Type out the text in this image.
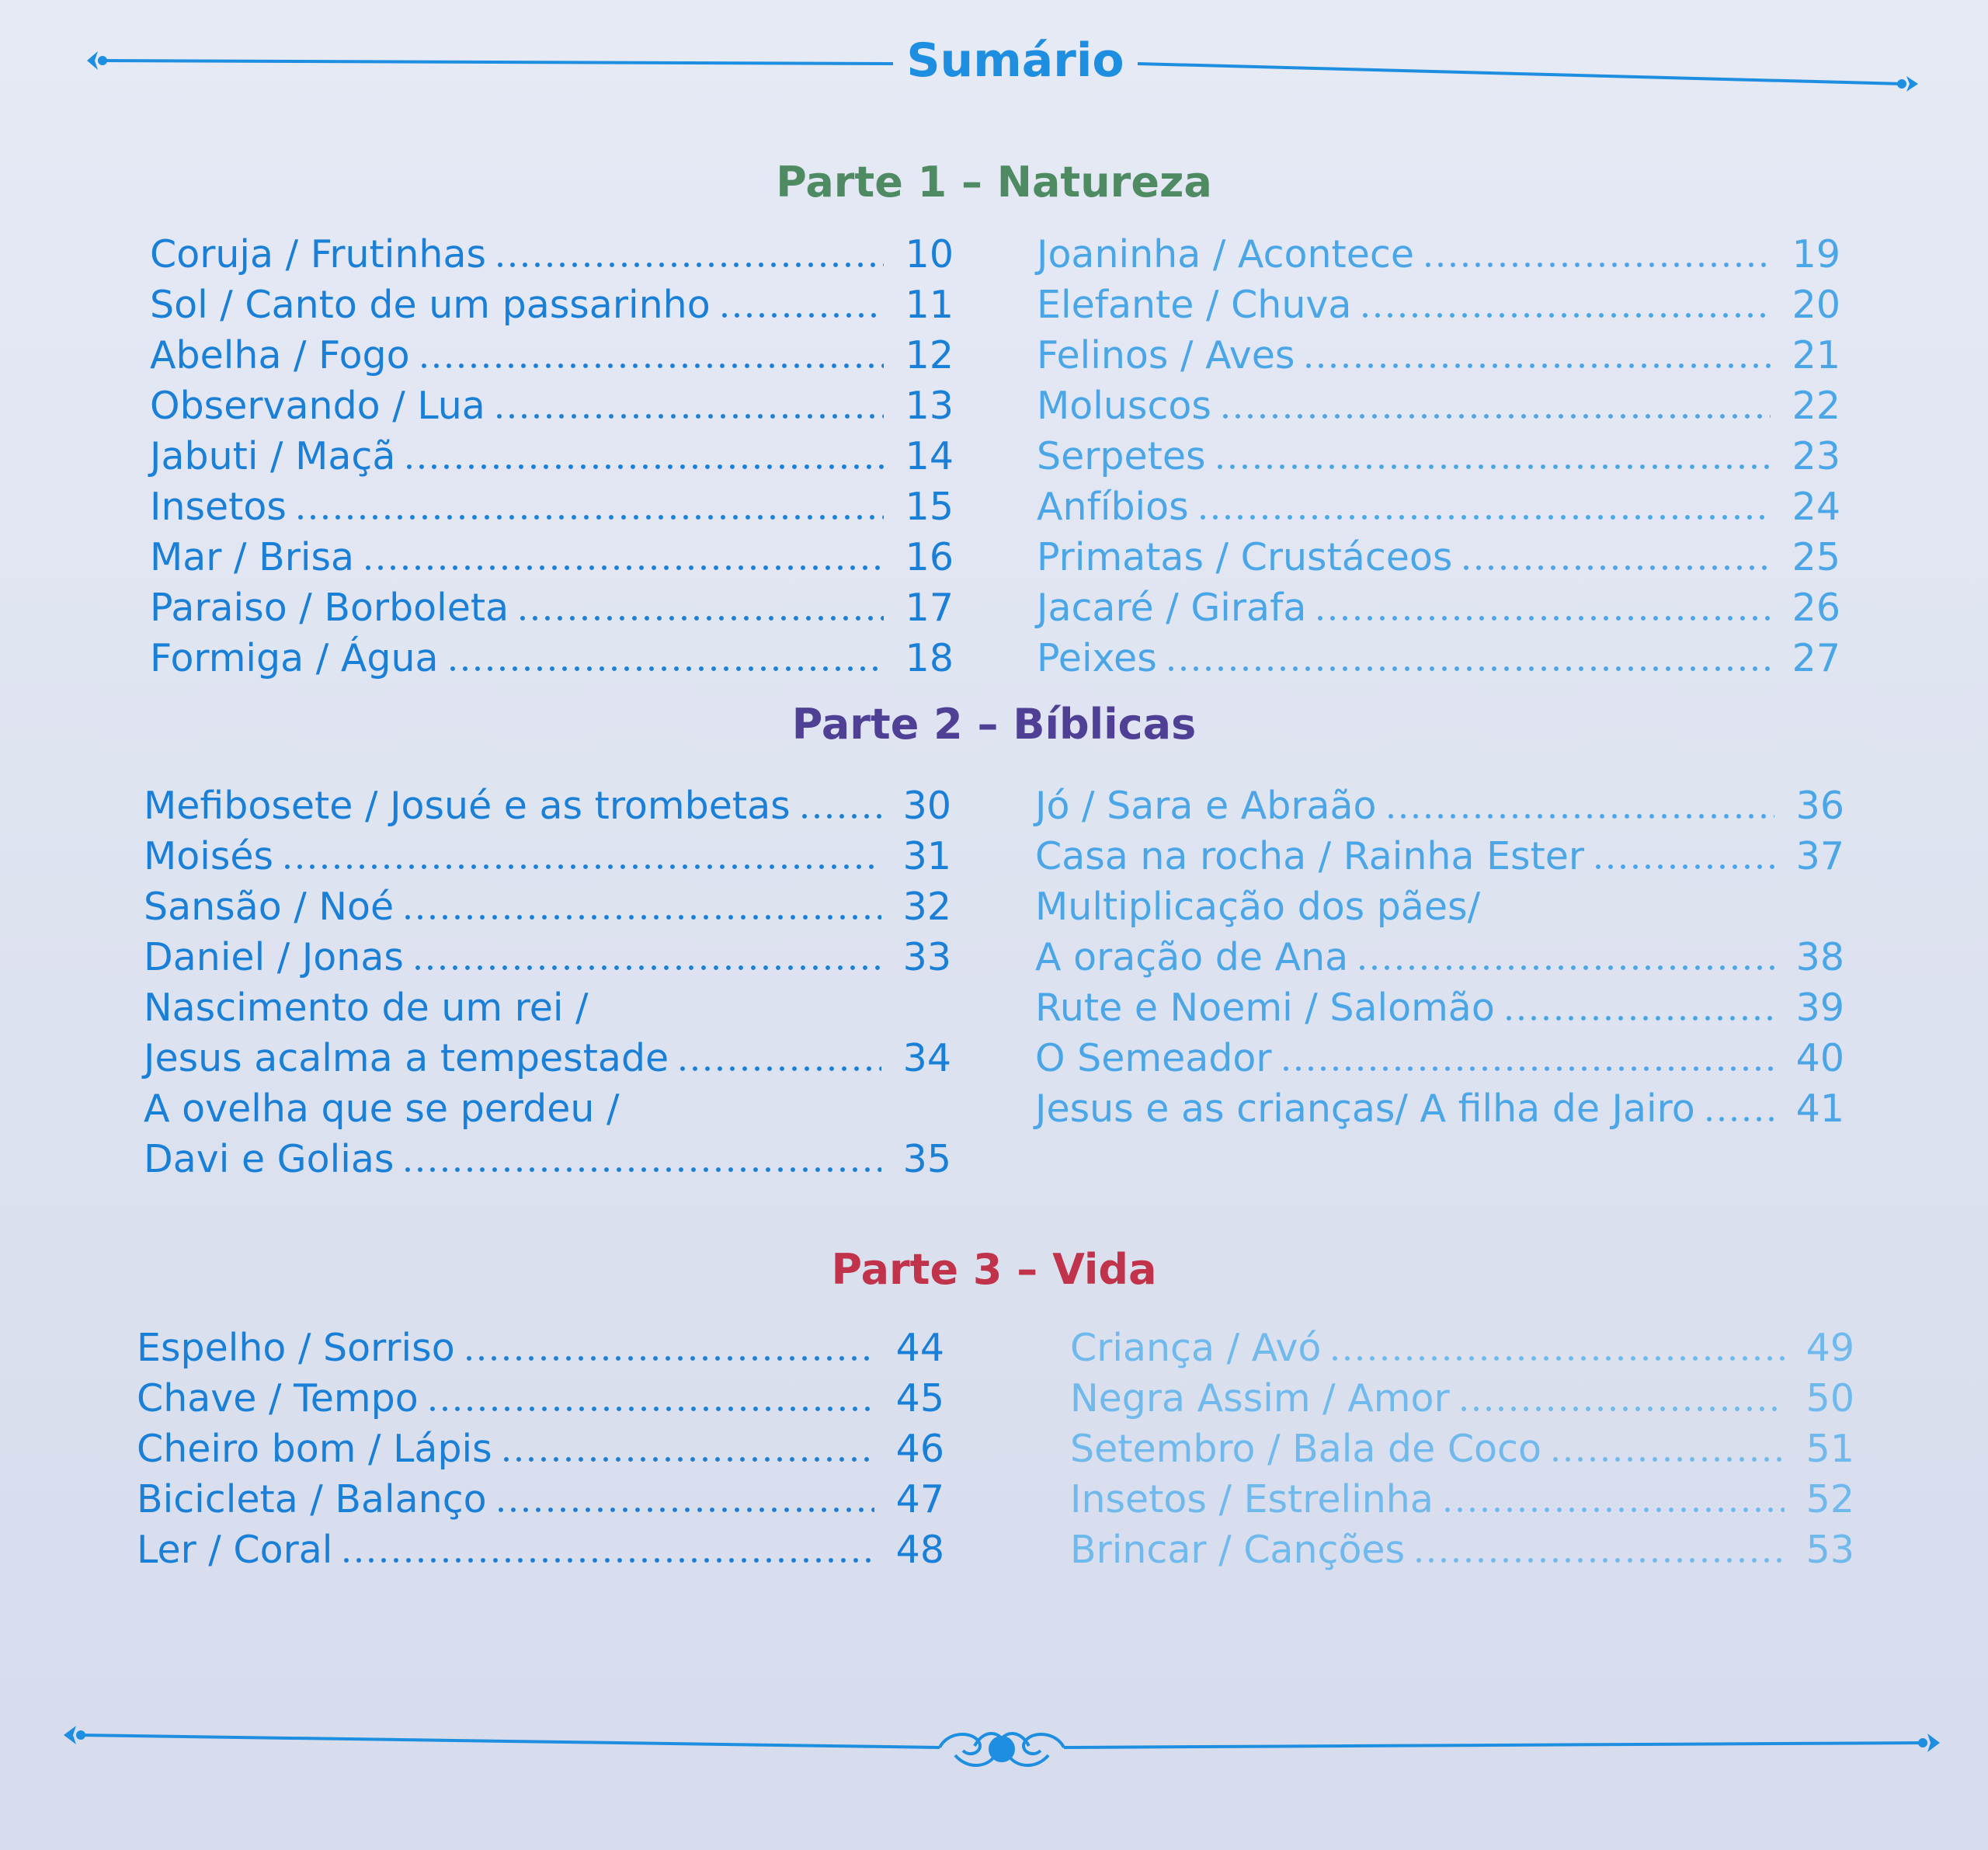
Sumário
Parte 1 – Natureza
Coruja / Frutinhas	10
Sol / Canto de um passarinho	11
Abelha / Fogo	12
Observando / Lua	13
Jabuti / Maçã	14
Insetos	15
Mar / Brisa	16
Paraiso / Borboleta	17
Formiga / Água	18
Joaninha / Acontece	19
Elefante / Chuva	20
Felinos / Aves	21
Moluscos	22
Serpetes	23
Anfíbios	24
Primatas / Crustáceos	25
Jacaré / Girafa	26
Peixes	27
Parte 2 – Bíblicas
Mefibosete / Josué e as trombetas	30
Moisés	31
Sansão / Noé	32
Daniel / Jonas	33
Nascimento de um rei /
Jesus acalma a tempestade	34
A ovelha que se perdeu /
Davi e Golias	35
Jó / Sara e Abraão	36
Casa na rocha / Rainha Ester	37
Multiplicação dos pães/
A oração de Ana	38
Rute e Noemi / Salomão	39
O Semeador	40
Jesus e as crianças/ A filha de Jairo	41
Parte 3 – Vida
Espelho / Sorriso	44
Chave / Tempo	45
Cheiro bom / Lápis	46
Bicicleta / Balanço	47
Ler / Coral	48
Criança / Avó	49
Negra Assim / Amor	50
Setembro / Bala de Coco	51
Insetos / Estrelinha	52
Brincar / Canções	53
